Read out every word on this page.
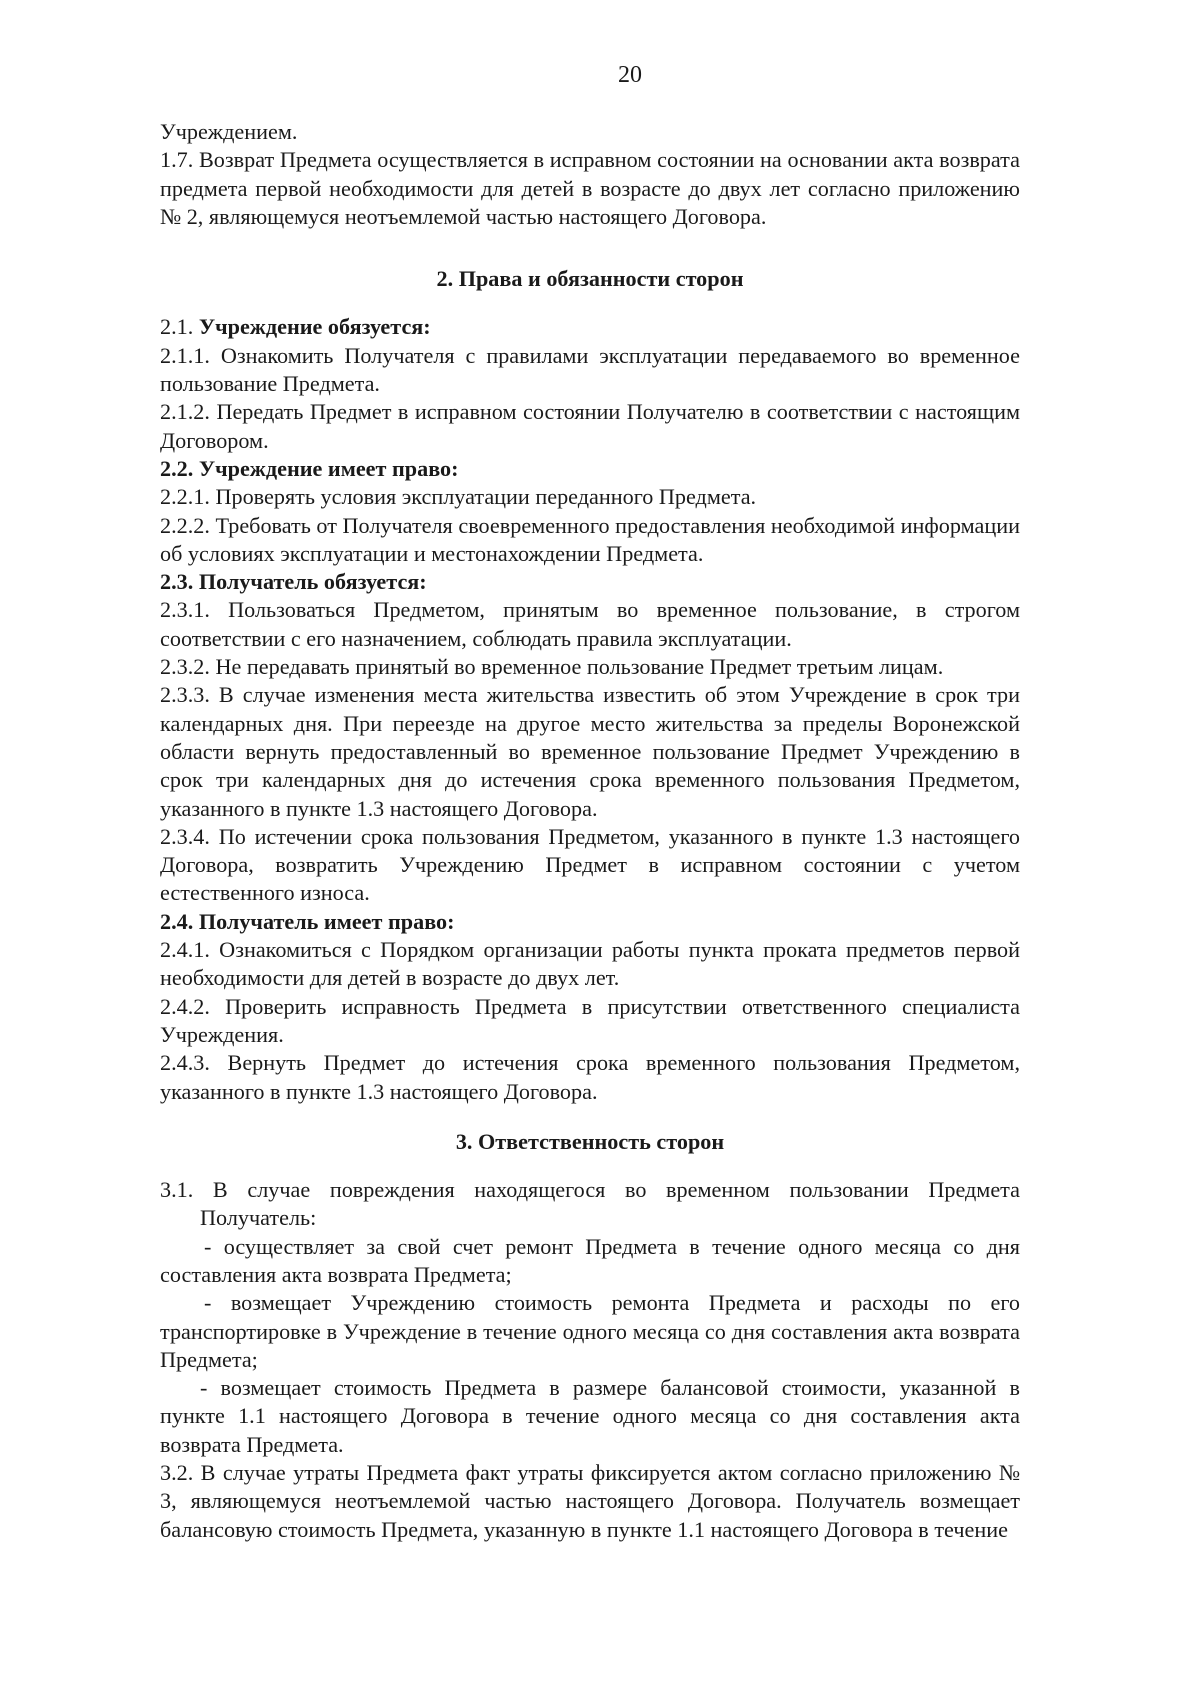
20

Учреждением.

1.7. Возврат Предмета осуществляется в исправном состоянии на основании акта возврата предмета первой необходимости для детей в возрасте до двух лет согласно приложению № 2, являющемуся неотъемлемой частью настоящего Договора.

2. Права и обязанности сторон

2.1. Учреждение обязуется:

2.1.1. Ознакомить Получателя с правилами эксплуатации передаваемого во временное пользование Предмета.

2.1.2. Передать Предмет в исправном состоянии Получателю в соответствии с настоящим Договором.

2.2. Учреждение имеет право:

2.2.1. Проверять условия эксплуатации переданного Предмета.

2.2.2. Требовать от Получателя своевременного предоставления необходимой информации об условиях эксплуатации и местонахождении Предмета.

2.3. Получатель обязуется:

2.3.1. Пользоваться Предметом, принятым во временное пользование, в строгом соответствии с его назначением, соблюдать правила эксплуатации.

2.3.2. Не передавать принятый во временное пользование Предмет третьим лицам.

2.3.3. В случае изменения места жительства известить об этом Учреждение в срок три календарных дня. При переезде на другое место жительства за пределы Воронежской области вернуть предоставленный во временное пользование Предмет Учреждению в срок три календарных дня до истечения срока временного пользования Предметом, указанного в пункте 1.3 настоящего Договора.

2.3.4. По истечении срока пользования Предметом, указанного в пункте 1.3 настоящего Договора, возвратить Учреждению Предмет в исправном состоянии с учетом естественного износа.

2.4. Получатель имеет право:

2.4.1. Ознакомиться с Порядком организации работы пункта проката предметов первой необходимости для детей в возрасте до двух лет.

2.4.2. Проверить исправность Предмета в присутствии ответственного специалиста Учреждения.

2.4.3. Вернуть Предмет до истечения срока временного пользования Предметом, указанного в пункте 1.3 настоящего Договора.

3. Ответственность сторон

3.1. В случае повреждения находящегося во временном пользовании Предмета Получатель:

- осуществляет за свой счет ремонт Предмета в течение одного месяца со дня составления акта возврата Предмета;

- возмещает Учреждению стоимость ремонта Предмета и расходы по его транспортировке в Учреждение в течение одного месяца со дня составления акта возврата Предмета;

- возмещает стоимость Предмета в размере балансовой стоимости, указанной в пункте 1.1 настоящего Договора в течение одного месяца со дня составления акта возврата Предмета.

3.2. В случае утраты Предмета факт утраты фиксируется актом согласно приложению № 3, являющемуся неотъемлемой частью настоящего Договора. Получатель возмещает балансовую стоимость Предмета, указанную в пункте 1.1 настоящего Договора в течение
